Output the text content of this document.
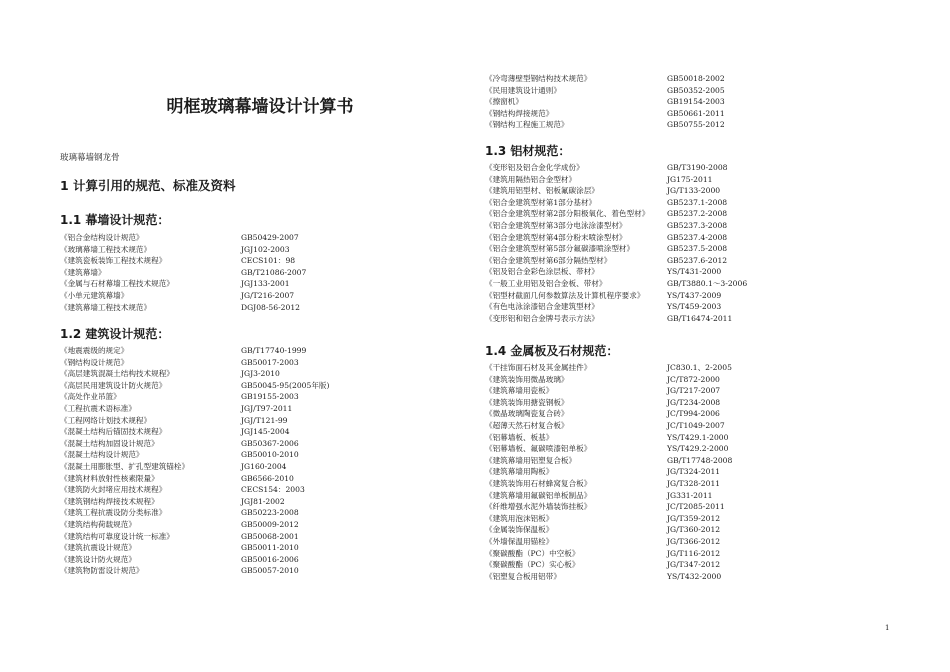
明框玻璃幕墙设计计算书
玻璃幕墙钢龙骨
1 计算引用的规范、标准及资料
1.1 幕墙设计规范：
《铝合金结构设计规范》	GB50429-2007
《玻璃幕墙工程技术规范》	JGJ102-2003
《建筑瓷板装饰工程技术规程》	CECS101：98
《建筑幕墙》	GB/T21086-2007
《金属与石材幕墙工程技术规范》	JGJ133-2001
《小单元建筑幕墙》	JG/T216-2007
《建筑幕墙工程技术规范》	DGJ08-56-2012
1.2 建筑设计规范：
《地震震级的规定》	GB/T17740-1999
《钢结构设计规范》	GB50017-2003
《高层建筑混凝土结构技术规程》	JGJ3-2010
《高层民用建筑设计防火规范》	GB50045-95(2005年版)
《高处作业吊篮》	GB19155-2003
《工程抗震术语标准》	JGJ/T97-2011
《工程网络计划技术规程》	JGJ/T121-99
《混凝土结构后锚固技术规程》	JGJ145-2004
《混凝土结构加固设计规范》	GB50367-2006
《混凝土结构设计规范》	GB50010-2010
《混凝土用膨胀型、扩孔型建筑锚栓》	JG160-2004
《建筑材料放射性核素限量》	GB6566-2010
《建筑防火封堵应用技术规程》	CECS154：2003
《建筑钢结构焊接技术规程》	JGJ81-2002
《建筑工程抗震设防分类标准》	GB50223-2008
《建筑结构荷载规范》	GB50009-2012
《建筑结构可靠度设计统一标准》	GB50068-2001
《建筑抗震设计规范》	GB50011-2010
《建筑设计防火规范》	GB50016-2006
《建筑物防雷设计规范》	GB50057-2010
《冷弯薄壁型钢结构技术规范》	GB50018-2002
《民用建筑设计通则》	GB50352-2005
《擦窗机》	GB19154-2003
《钢结构焊接规范》	GB50661-2011
《钢结构工程施工规范》	GB50755-2012
1.3 铝材规范：
《变形铝及铝合金化学成份》	GB/T3190-2008
《建筑用隔热铝合金型材》	JG175-2011
《建筑用铝型材、铝板氟碳涂层》	JG/T133-2000
《铝合金建筑型材第1部分基材》	GB5237.1-2008
《铝合金建筑型材第2部分阳极氧化、着色型材》 GB5237.2-2008
《铝合金建筑型材第3部分电泳涂漆型材》	GB5237.3-2008
《铝合金建筑型材第4部分粉末喷涂型材》	GB5237.4-2008
《铝合金建筑型材第5部分氟碳漆喷涂型材》	GB5237.5-2008
《铝合金建筑型材第6部分隔热型材》	GB5237.6-2012
《铝及铝合金彩色涂层板、带材》	YS/T431-2000
《一般工业用铝及铝合金板、带材》	GB/T3880.1～3-2006
《铝型材截面几何参数算法及计算机程序要求》	YS/T437-2009
《有色电泳涂漆铝合金建筑型材》	YS/T459-2003
《变形铝和铝合金牌号表示方法》	GB/T16474-2011
1.4 金属板及石材规范：
《干挂饰面石材及其金属挂件》	JC830.1、2-2005
《建筑装饰用微晶玻璃》	JC/T872-2000
《建筑幕墙用瓷板》	JG/T217-2007
《建筑装饰用搪瓷钢板》	JG/T234-2008
《微晶玻璃陶瓷复合砖》	JC/T994-2006
《超薄天然石材复合板》	JC/T1049-2007
《铝幕墙板、板基》	YS/T429.1-2000
《铝幕墙板、氟碳喷漆铝单板》	YS/T429.2-2000
《建筑幕墙用铝塑复合板》	GB/T17748-2008
《建筑幕墙用陶板》	JG/T324-2011
《建筑装饰用石材蜂窝复合板》	JG/T328-2011
《建筑幕墙用氟碳铝单板制品》	JG331-2011
《纤维增强水泥外墙装饰挂板》	JC/T2085-2011
《建筑用泡沫铝板》	JG/T359-2012
《金属装饰保温板》	JG/T360-2012
《外墙保温用锚栓》	JG/T366-2012
《聚碳酸酯（PC）中空板》	JG/T116-2012
《聚碳酸酯（PC）实心板》	JG/T347-2012
《铝塑复合板用铝带》	YS/T432-2000
1
